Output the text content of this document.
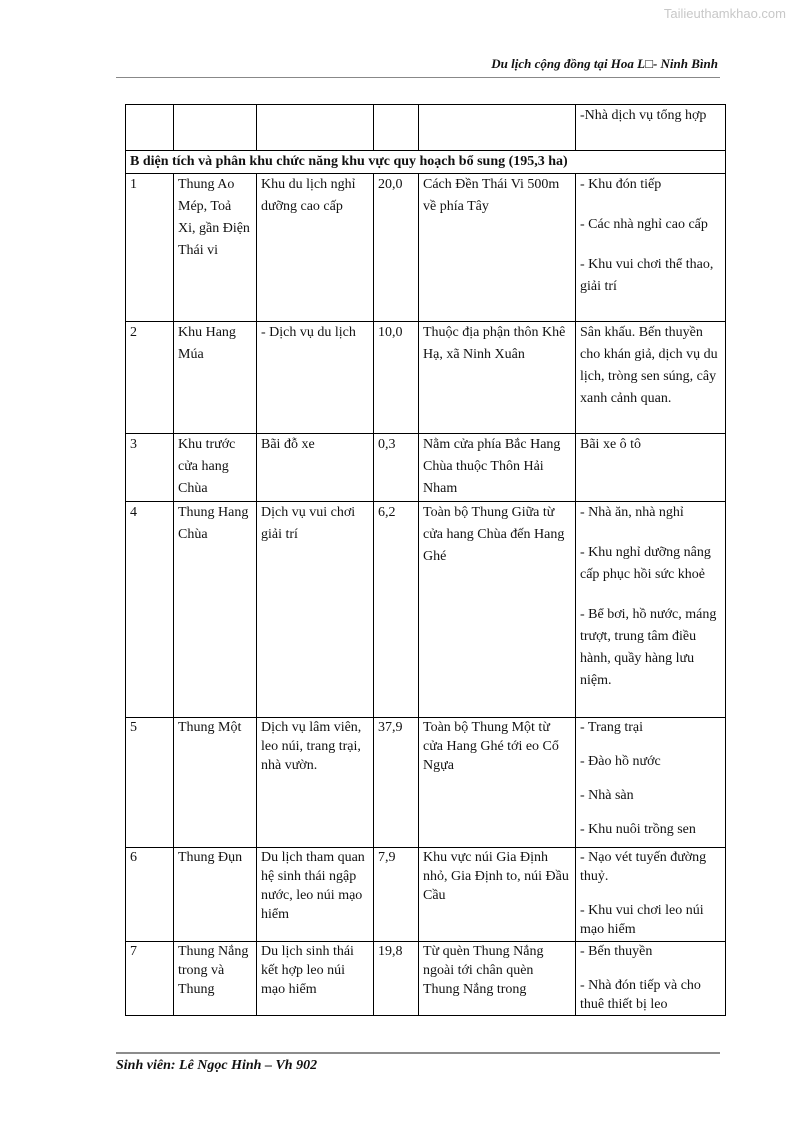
Tailieuthamkhao.com
Du lịch cộng đồng tại Hoa L□- Ninh Bình
					-Nhà dịch vụ tổng hợp
B diện tích và phân khu chức năng khu vực quy hoạch bổ sung (195,3 ha)					
1	Thung Ao Mép, Toả Xi, gần Điện Thái vi	Khu du lịch nghỉ dưỡng cao cấp	20,0	Cách Đền Thái Vi 500m về phía Tây	- Khu đón tiếp
- Các nhà nghỉ cao cấp
- Khu vui chơi thể thao, giải trí

2	Khu Hang Múa	- Dịch vụ du lịch	10,0	Thuộc địa phận thôn Khê Hạ, xã Ninh Xuân	Sân khấu. Bến thuyền cho khán giả, dịch vụ du lịch, tròng sen súng, cây xanh cảnh quan.

3	Khu trước cửa hang Chùa	Bãi đỗ xe	0,3	Nằm cửa phía Bắc Hang Chùa thuộc Thôn Hải Nham	Bãi xe ô tô

4	Thung Hang Chùa	Dịch vụ vui chơi giải trí	6,2	Toàn bộ Thung Giữa từ cửa hang Chùa đến Hang Ghé	- Nhà ăn, nhà nghỉ
- Khu nghỉ dưỡng nâng cấp phục hồi sức khoẻ
- Bể bơi, hồ nước, máng trượt, trung tâm điều hành, quầy hàng lưu niệm.

5	Thung Một	Dịch vụ lâm viên, leo núi, trang trại, nhà vườn.	37,9	Toàn bộ Thung Một từ cửa Hang Ghé tới eo Cổ Ngựa	- Trang trại
- Đào hồ nước
- Nhà sàn
- Khu nuôi trồng sen

6	Thung Đụn	Du lịch tham quan hệ sinh thái ngập nước, leo núi mạo hiểm	7,9	Khu vực núi Gia Định nhỏ, Gia Định to, núi Đầu Cầu	- Nạo vét tuyến đường thuỷ.
- Khu vui chơi leo núi mạo hiểm

7	Thung Nắng trong và Thung	Du lịch sinh thái kết hợp leo núi mạo hiểm	19,8	Từ quèn Thung Nắng ngoài tới chân quèn Thung Nắng trong	- Bến thuyền
- Nhà đón tiếp và cho thuê thiết bị leo
Sinh viên: Lê Ngọc Hinh – Vh 902
